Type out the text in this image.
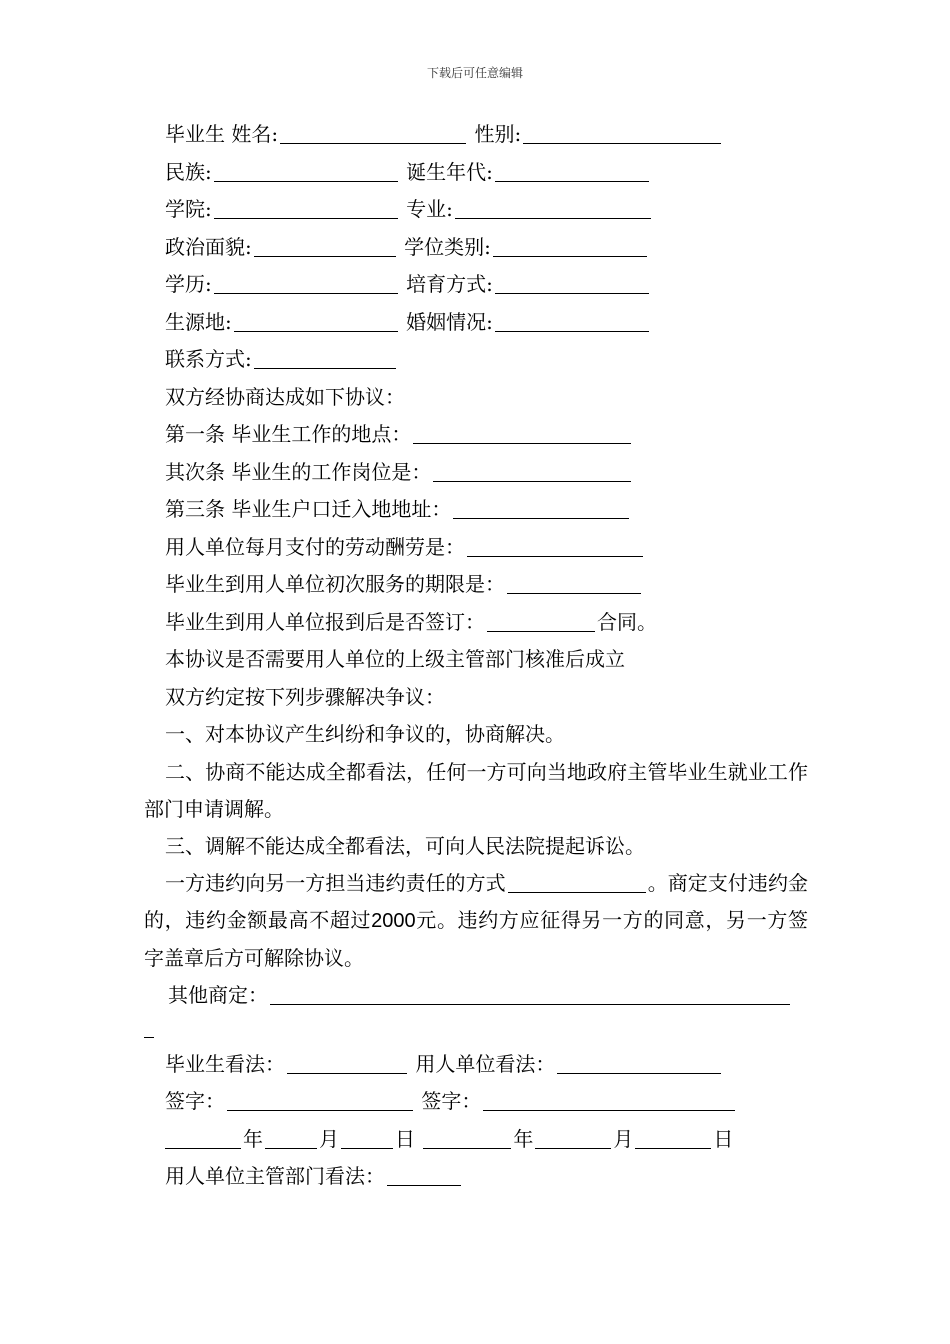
下载后可任意编辑
毕业生 姓名:	性别:
民族:	诞生年代:
学院:	专业:
政治面貌:	学位类别:
学历:	培育方式:
生源地:	婚姻情况:
联系方式:
双方经协商达成如下协议：
第一条 毕业生工作的地点：
其次条 毕业生的工作岗位是：
第三条 毕业生户口迁入地地址：
用人单位每月支付的劳动酬劳是：
毕业生到用人单位初次服务的期限是：
毕业生到用人单位报到后是否签订：	合同。
本协议是否需要用人单位的上级主管部门核准后成立
双方约定按下列步骤解决争议：
一、对本协议产生纠纷和争议的，协商解决。
二、协商不能达成全都看法，任何一方可向当地政府主管毕业生就业工作部门申请调解。
三、调解不能达成全都看法，可向人民法院提起诉讼。
一方违约向另一方担当违约责任的方式	。商定支付违约金的，违约金额最高不超过2000元。违约方应征得另一方的同意，另一方签字盖章后方可解除协议。
其他商定：
毕业生看法：	用人单位看法：
签字：	签字：
年	月	日	年	月	日
用人单位主管部门看法：
